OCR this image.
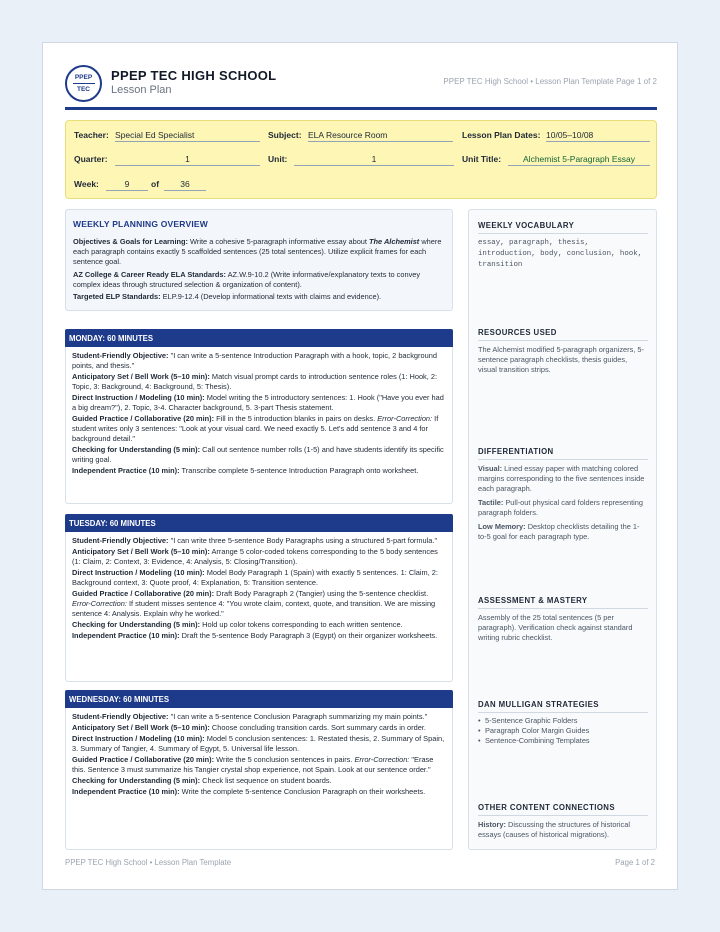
PPEP
TEC
PPEP TEC HIGH SCHOOL
Lesson Plan
PPEP TEC High School • Lesson Plan Template Page 1 of 2
Teacher: Special Ed Specialist	Subject: ELA Resource Room	Lesson Plan Dates: 10/05–10/08
Quarter:	1	Unit:	1	Unit Title:	Alchemist 5-Paragraph Essay
Week:	9	of	36
WEEKLY PLANNING OVERVIEW

Objectives & Goals for Learning: Write a cohesive 5-paragraph informative essay about The Alchemist where each paragraph contains exactly 5 scaffolded sentences (25 total sentences). Utilize explicit frames for each sentence goal.

AZ College & Career Ready ELA Standards: AZ.W.9-10.2 (Write informative/explanatory texts to convey complex ideas through structured selection & organization of content).

Targeted ELP Standards: ELP.9-12.4 (Develop informational texts with claims and evidence).

MONDAY: 60 MINUTES

Student-Friendly Objective: "I can write a 5-sentence Introduction Paragraph with a hook, topic, 2 background points, and thesis."

Anticipatory Set / Bell Work (5–10 min): Match visual prompt cards to introduction sentence roles (1: Hook, 2: Topic, 3: Background, 4: Background, 5: Thesis).

Direct Instruction / Modeling (10 min): Model writing the 5 introductory sentences: 1. Hook ("Have you ever had a big dream?"), 2. Topic, 3-4. Character background, 5. 3-part Thesis statement.

Guided Practice / Collaborative (20 min): Fill in the 5 introduction blanks in pairs on desks. Error-Correction: If student writes only 3 sentences: "Look at your visual card. We need exactly 5. Let's add sentence 3 and 4 for background detail."

Checking for Understanding (5 min): Call out sentence number rolls (1-5) and have students identify its specific writing goal.

Independent Practice (10 min): Transcribe complete 5-sentence Introduction Paragraph onto worksheet.

TUESDAY: 60 MINUTES

Student-Friendly Objective: "I can write three 5-sentence Body Paragraphs using a structured 5-part formula."

Anticipatory Set / Bell Work (5–10 min): Arrange 5 color-coded tokens corresponding to the 5 body sentences (1: Claim, 2: Context, 3: Evidence, 4: Analysis, 5: Closing/Transition).

Direct Instruction / Modeling (10 min): Model Body Paragraph 1 (Spain) with exactly 5 sentences. 1: Claim, 2: Background context, 3: Quote proof, 4: Explanation, 5: Transition sentence.

Guided Practice / Collaborative (20 min): Draft Body Paragraph 2 (Tangier) using the 5-sentence checklist. Error-Correction: If student misses sentence 4: "You wrote claim, context, quote, and transition. We are missing sentence 4: Analysis. Explain why he worked."

Checking for Understanding (5 min): Hold up color tokens corresponding to each written sentence.

Independent Practice (10 min): Draft the 5-sentence Body Paragraph 3 (Egypt) on their organizer worksheets.

WEDNESDAY: 60 MINUTES

Student-Friendly Objective: "I can write a 5-sentence Conclusion Paragraph summarizing my main points."

Anticipatory Set / Bell Work (5–10 min): Choose concluding transition cards. Sort summary cards in order.

Direct Instruction / Modeling (10 min): Model 5 conclusion sentences: 1. Restated thesis, 2. Summary of Spain, 3. Summary of Tangier, 4. Summary of Egypt, 5. Universal life lesson.

Guided Practice / Collaborative (20 min): Write the 5 conclusion sentences in pairs. Error-Correction: "Erase this. Sentence 3 must summarize his Tangier crystal shop experience, not Spain. Look at our sentence order."

Checking for Understanding (5 min): Check list sequence on student boards.

Independent Practice (10 min): Write the complete 5-sentence Conclusion Paragraph on their worksheets.

WEEKLY VOCABULARY
essay, paragraph, thesis, introduction, body, conclusion, hook, transition
RESOURCES USED
The Alchemist modified 5-paragraph organizers, 5-sentence paragraph checklists, thesis guides, visual transition strips.
DIFFERENTIATION

Visual: Lined essay paper with matching colored margins corresponding to the five sentences inside each paragraph.

Tactile: Pull-out physical card folders representing paragraph folders.

Low Memory: Desktop checklists detailing the 1-to-5 goal for each paragraph type.

ASSESSMENT & MASTERY
Assembly of the 25 total sentences (5 per paragraph). Verification check against standard writing rubric checklist.
DAN MULLIGAN STRATEGIES
• 5-Sentence Graphic Folders
• Paragraph Color Margin Guides
• Sentence-Combining Templates
OTHER CONTENT CONNECTIONS
History: Discussing the structures of historical essays (causes of historical migrations).
PPEP TEC High School • Lesson Plan Template	Page 1 of 2
